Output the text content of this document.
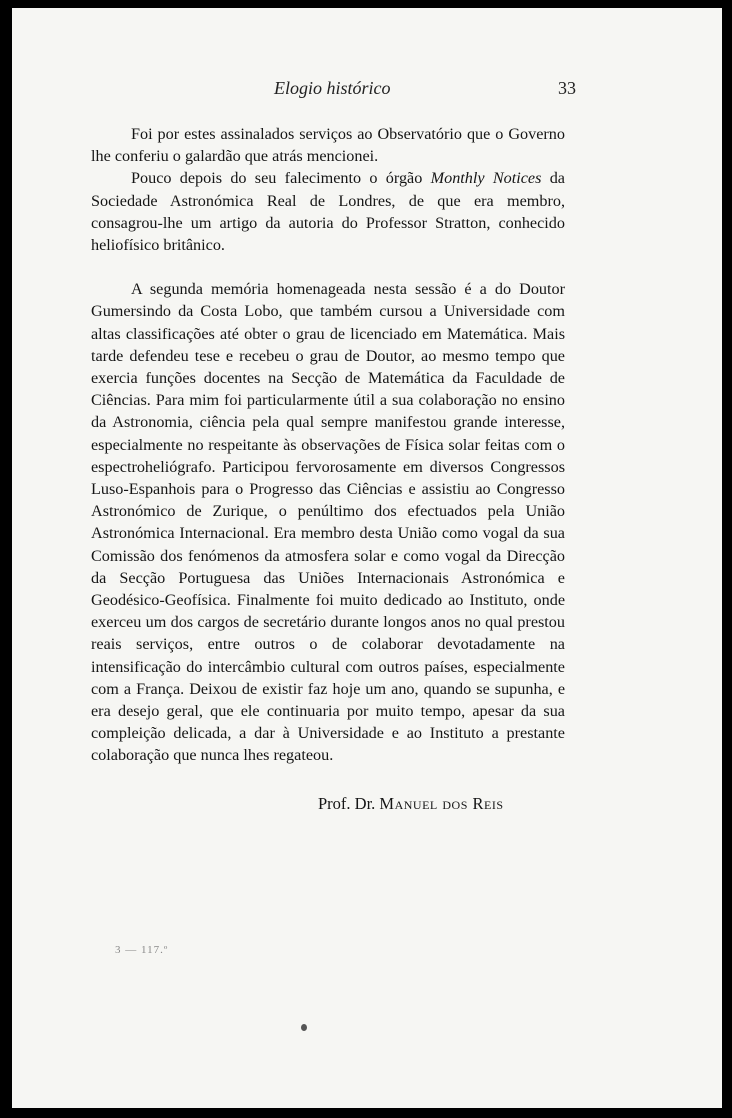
Elogio histórico	33

Foi por estes assinalados serviços ao Observatório que o Governo lhe conferiu o galardão que atrás mencionei.

Pouco depois do seu falecimento o órgão Monthly Notices da Sociedade Astronómica Real de Londres, de que era membro, consagrou-lhe um artigo da autoria do Professor Stratton, conhecido heliofísico britânico.

A segunda memória homenageada nesta sessão é a do Doutor Gumersindo da Costa Lobo, que também cursou a Universidade com altas classificações até obter o grau de licenciado em Matemática. Mais tarde defendeu tese e recebeu o grau de Doutor, ao mesmo tempo que exercia funções docentes na Secção de Matemática da Faculdade de Ciências. Para mim foi particularmente útil a sua colaboração no ensino da Astronomia, ciência pela qual sempre manifestou grande interesse, especialmente no respeitante às observações de Física solar feitas com o espectroheliógrafo. Participou fervorosamente em diversos Congressos Luso-Espanhois para o Progresso das Ciências e assistiu ao Congresso Astronómico de Zurique, o penúltimo dos efectuados pela União Astronómica Internacional. Era membro desta União como vogal da sua Comissão dos fenómenos da atmosfera solar e como vogal da Direcção da Secção Portuguesa das Uniões Internacionais Astronómica e Geodésico-Geofísica. Finalmente foi muito dedicado ao Instituto, onde exerceu um dos cargos de secretário durante longos anos no qual prestou reais serviços, entre outros o de colaborar devotadamente na intensificação do intercâmbio cultural com outros países, especialmente com a França. Deixou de existir faz hoje um ano, quando se supunha, e era desejo geral, que ele continuaria por muito tempo, apesar da sua compleição delicada, a dar à Universidade e ao Instituto a prestante colaboração que nunca lhes regateou.

Prof. Dr. Manuel dos Reis
3 — 117.º
